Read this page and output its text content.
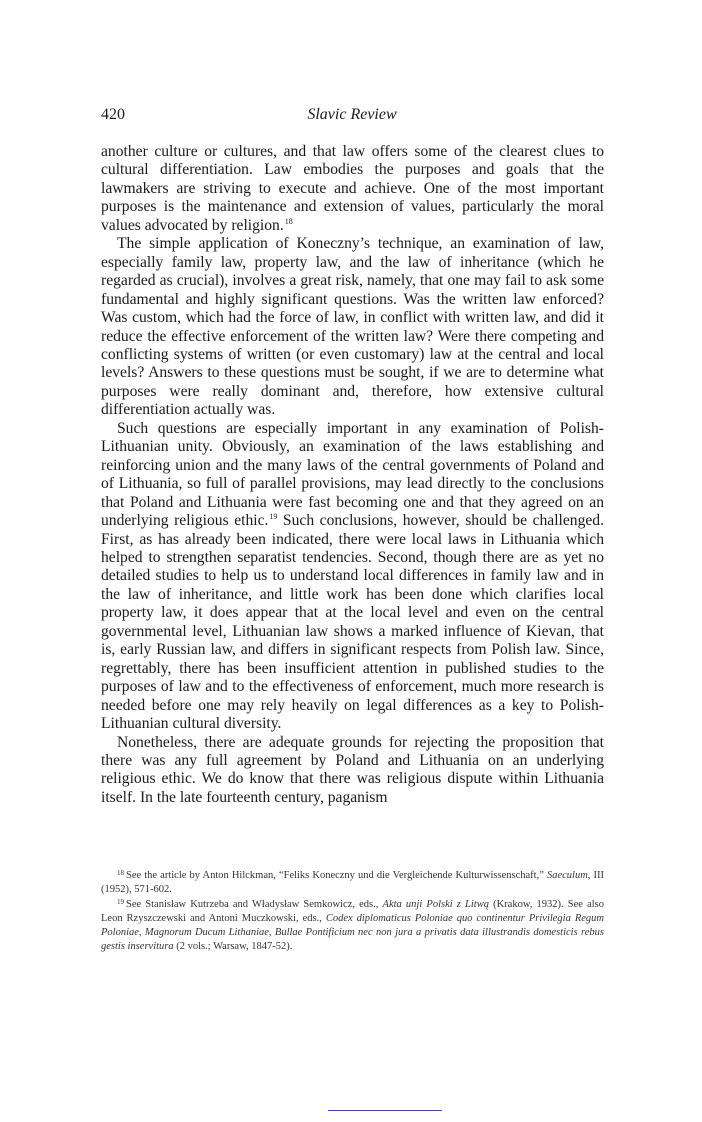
420	Slavic Review

another culture or cultures, and that law offers some of the clearest clues to cultural differentiation. Law embodies the purposes and goals that the lawmakers are striving to execute and achieve. One of the most important purposes is the maintenance and extension of values, particularly the moral values advocated by religion.$^{18}$

The simple application of Koneczny’s technique, an examination of law, especially family law, property law, and the law of inheritance (which he regarded as crucial), involves a great risk, namely, that one may fail to ask some fundamental and highly significant questions. Was the written law enforced? Was custom, which had the force of law, in conflict with written law, and did it reduce the effective enforcement of the written law? Were there competing and conflicting systems of written (or even customary) law at the central and local levels? Answers to these questions must be sought, if we are to determine what purposes were really dominant and, therefore, how extensive cultural differentiation actually was.

Such questions are especially important in any examination of Polish-Lithuanian unity. Obviously, an examination of the laws establishing and reinforcing union and the many laws of the central governments of Poland and of Lithuania, so full of parallel provisions, may lead directly to the conclusions that Poland and Lithuania were fast becoming one and that they agreed on an underlying religious ethic.$^{19}$ Such conclusions, however, should be challenged. First, as has already been indicated, there were local laws in Lithuania which helped to strengthen separatist tendencies. Second, though there are as yet no detailed studies to help us to understand local differences in family law and in the law of inheritance, and little work has been done which clarifies local property law, it does appear that at the local level and even on the central governmental level, Lithuanian law shows a marked influence of Kievan, that is, early Russian law, and differs in significant respects from Polish law. Since, regrettably, there has been insufficient attention in published studies to the purposes of law and to the effectiveness of enforcement, much more research is needed before one may rely heavily on legal differences as a key to Polish-Lithuanian cultural diversity.

Nonetheless, there are adequate grounds for rejecting the proposition that there was any full agreement by Poland and Lithuania on an underlying religious ethic. We do know that there was religious dispute within Lithuania itself. In the late fourteenth century, paganism

$^{18}$ See the article by Anton Hilckman, “Feliks Koneczny und die Vergleichende Kulturwissenschaft,” Saeculum, III (1952), 571-602.

$^{19}$ See Stanisław Kutrzeba and Władysław Semkowicz, eds., Akta unji Polski z Litwą (Krakow, 1932). See also Leon Rzyszczewski and Antoni Muczkowski, eds., Codex diplomaticus Poloniae quo continentur Privilegia Regum Poloniae, Magnorum Ducum Lithaniae, Bullae Pontificium nec non jura a privatis data illustrandis domesticis rebus gestis inservitura (2 vols.; Warsaw, 1847-52).
